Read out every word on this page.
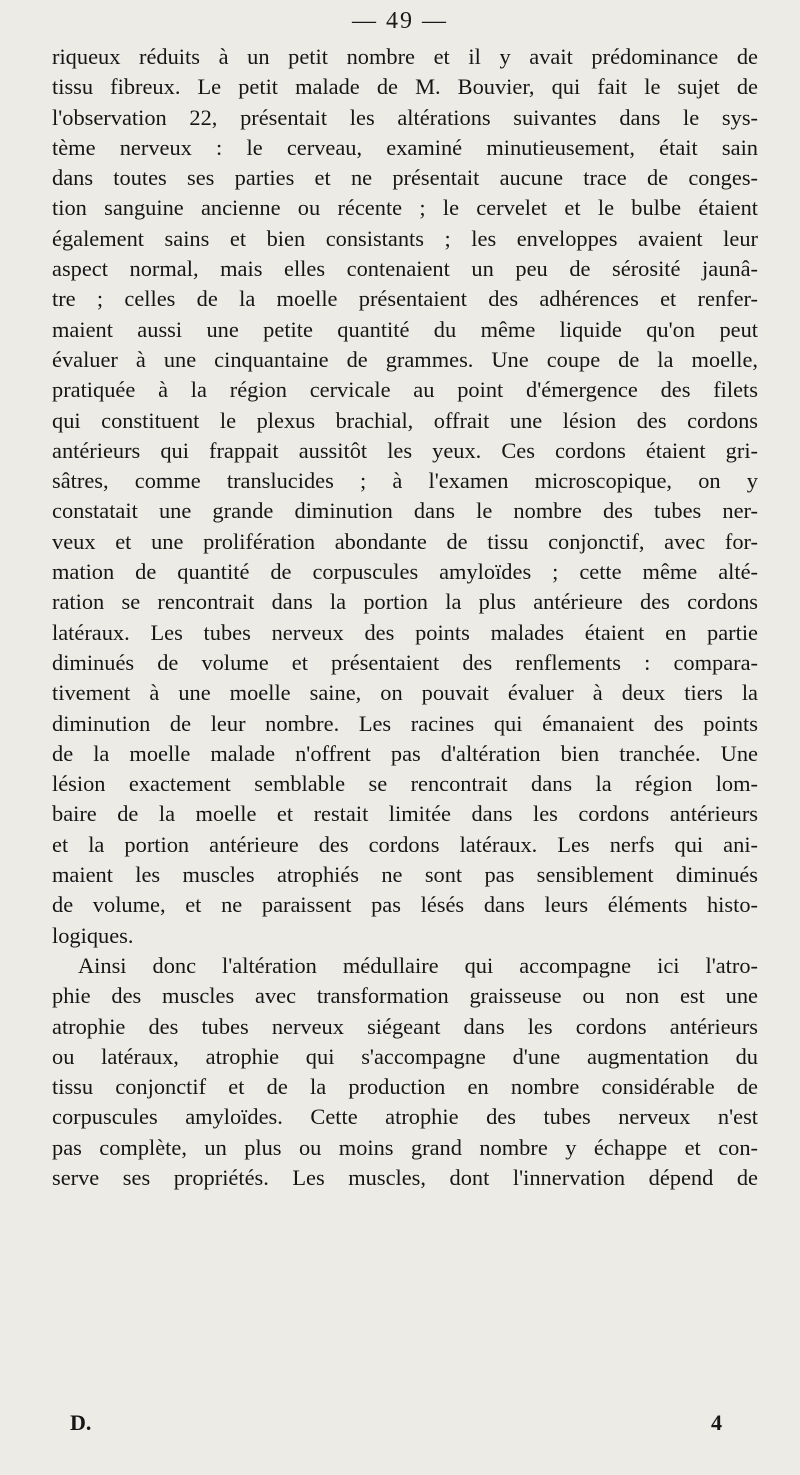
— 49 —
riqueux réduits à un petit nombre et il y avait prédominance de
tissu fibreux. Le petit malade de M. Bouvier, qui fait le sujet de
l'observation 22, présentait les altérations suivantes dans le sys-
tème nerveux : le cerveau, examiné minutieusement, était sain
dans toutes ses parties et ne présentait aucune trace de conges-
tion sanguine ancienne ou récente ; le cervelet et le bulbe étaient
également sains et bien consistants ; les enveloppes avaient leur
aspect normal, mais elles contenaient un peu de sérosité jaunâ-
tre ; celles de la moelle présentaient des adhérences et renfer-
maient aussi une petite quantité du même liquide qu'on peut
évaluer à une cinquantaine de grammes. Une coupe de la moelle,
pratiquée à la région cervicale au point d'émergence des filets
qui constituent le plexus brachial, offrait une lésion des cordons
antérieurs qui frappait aussitôt les yeux. Ces cordons étaient gri-
sâtres, comme translucides ; à l'examen microscopique, on y
constatait une grande diminution dans le nombre des tubes ner-
veux et une prolifération abondante de tissu conjonctif, avec for-
mation de quantité de corpuscules amyloïdes ; cette même alté-
ration se rencontrait dans la portion la plus antérieure des cordons
latéraux. Les tubes nerveux des points malades étaient en partie
diminués de volume et présentaient des renflements : compara-
tivement à une moelle saine, on pouvait évaluer à deux tiers la
diminution de leur nombre. Les racines qui émanaient des points
de la moelle malade n'offrent pas d'altération bien tranchée. Une
lésion exactement semblable se rencontrait dans la région lom-
baire de la moelle et restait limitée dans les cordons antérieurs
et la portion antérieure des cordons latéraux. Les nerfs qui ani-
maient les muscles atrophiés ne sont pas sensiblement diminués
de volume, et ne paraissent pas lésés dans leurs éléments histo-
logiques.
Ainsi donc l'altération médullaire qui accompagne ici l'atro-
phie des muscles avec transformation graisseuse ou non est une
atrophie des tubes nerveux siégeant dans les cordons antérieurs
ou latéraux, atrophie qui s'accompagne d'une augmentation du
tissu conjonctif et de la production en nombre considérable de
corpuscules amyloïdes. Cette atrophie des tubes nerveux n'est
pas complète, un plus ou moins grand nombre y échappe et con-
serve ses propriétés. Les muscles, dont l'innervation dépend de
D.	4
